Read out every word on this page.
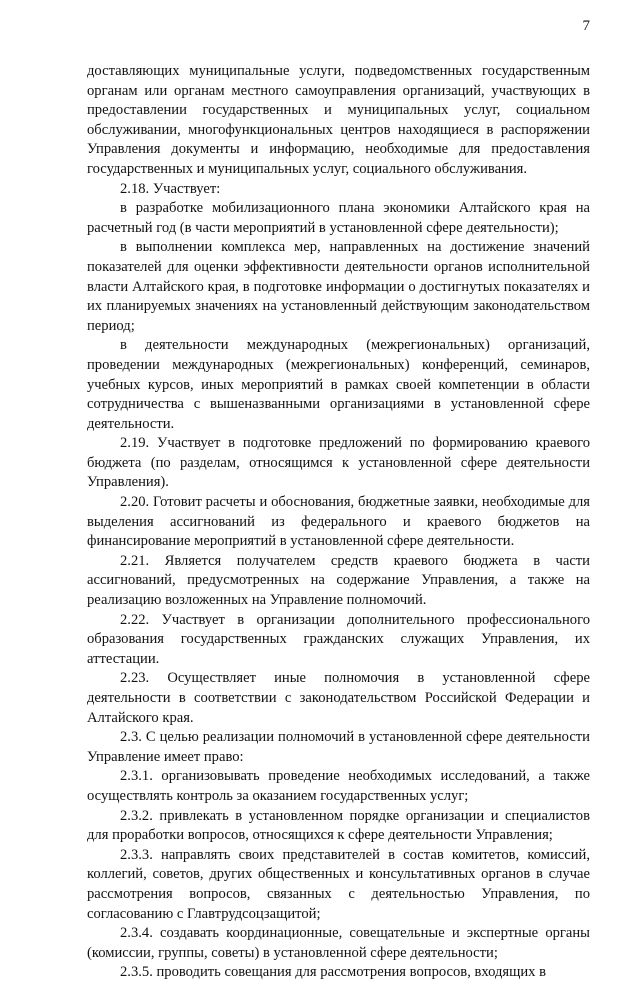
7

доставляющих муниципальные услуги, подведомственных государственным органам или органам местного самоуправления организаций, участвующих в предоставлении государственных и муниципальных услуг, социальном обслуживании, многофункциональных центров находящиеся в распоряжении Управления документы и информацию, необходимые для предоставления государственных и муниципальных услуг, социального обслуживания.

2.18. Участвует:

в разработке мобилизационного плана экономики Алтайского края на расчетный год (в части мероприятий в установленной сфере деятельности);

в выполнении комплекса мер, направленных на достижение значений показателей для оценки эффективности деятельности органов исполнительной власти Алтайского края, в подготовке информации о достигнутых показателях и их планируемых значениях на установленный действующим законодательством период;

в деятельности международных (межрегиональных) организаций, проведении международных (межрегиональных) конференций, семинаров, учебных курсов, иных мероприятий в рамках своей компетенции в области сотрудничества с вышеназванными организациями в установленной сфере деятельности.

2.19. Участвует в подготовке предложений по формированию краевого бюджета (по разделам, относящимся к установленной сфере деятельности Управления).

2.20. Готовит расчеты и обоснования, бюджетные заявки, необходимые для выделения ассигнований из федерального и краевого бюджетов на финансирование мероприятий в установленной сфере деятельности.

2.21. Является получателем средств краевого бюджета в части ассигнований, предусмотренных на содержание Управления, а также на реализацию возложенных на Управление полномочий.

2.22. Участвует в организации дополнительного профессионального образования государственных гражданских служащих Управления, их аттестации.

2.23. Осуществляет иные полномочия в установленной сфере деятельности в соответствии с законодательством Российской Федерации и Алтайского края.

2.3. С целью реализации полномочий в установленной сфере деятельности Управление имеет право:

2.3.1. организовывать проведение необходимых исследований, а также осуществлять контроль за оказанием государственных услуг;

2.3.2. привлекать в установленном порядке организации и специалистов для проработки вопросов, относящихся к сфере деятельности Управления;

2.3.3. направлять своих представителей в состав комитетов, комиссий, коллегий, советов, других общественных и консультативных органов в случае рассмотрения вопросов, связанных с деятельностью Управления, по согласованию с Главтрудсоцзащитой;

2.3.4. создавать координационные, совещательные и экспертные органы (комиссии, группы, советы) в установленной сфере деятельности;

2.3.5. проводить совещания для рассмотрения вопросов, входящих в
